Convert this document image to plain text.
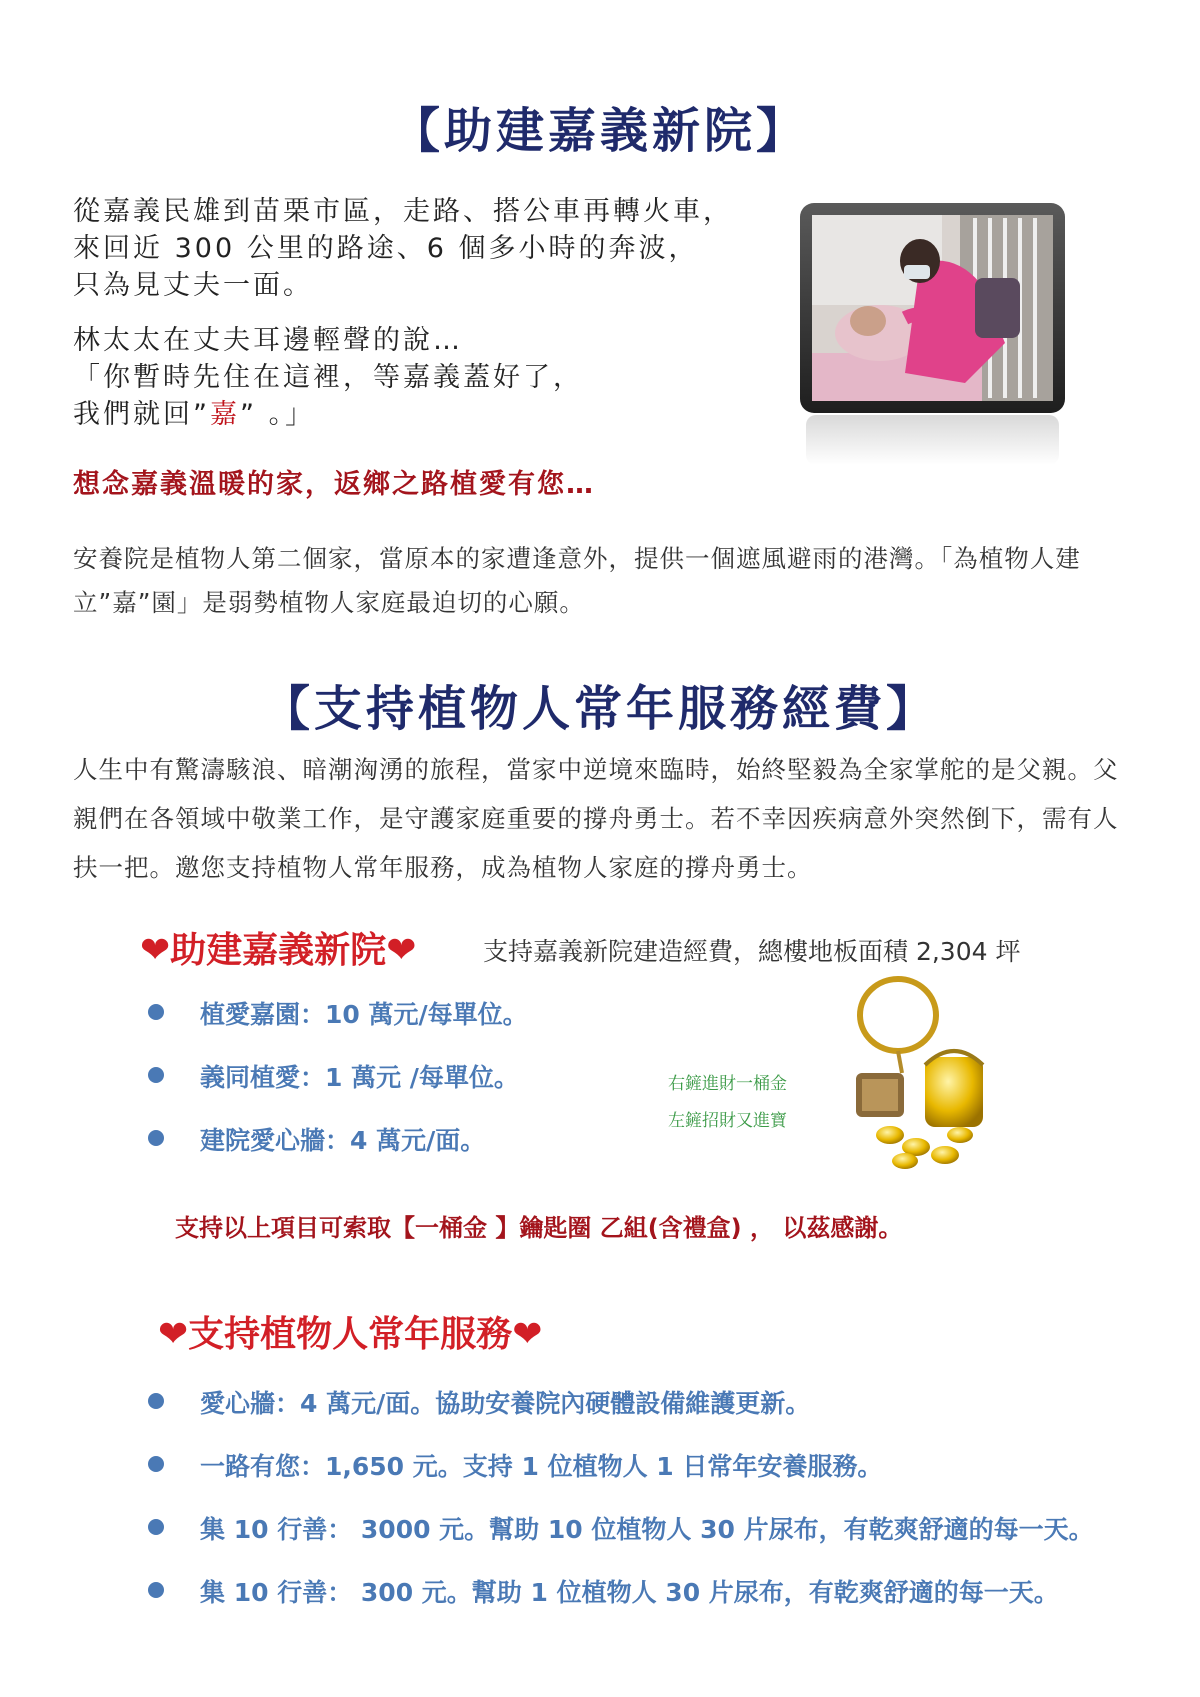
【助建嘉義新院】

從嘉義民雄到苗栗市區，走路、搭公車再轉火車，

來回近 300 公里的路途、6 個多小時的奔波，

只為見丈夫一面。

林太太在丈夫耳邊輕聲的說…

「你暫時先住在這裡，等嘉義蓋好了，

我們就回”嘉” 。」

想念嘉義溫暖的家，返鄉之路植愛有您…
安養院是植物人第二個家，當原本的家遭逢意外，提供一個遮風避雨的港灣。「為植物人建立”嘉”園」是弱勢植物人家庭最迫切的心願。
【支持植物人常年服務經費】
人生中有驚濤駭浪、暗潮洶湧的旅程，當家中逆境來臨時，始終堅毅為全家掌舵的是父親。父親們在各領域中敬業工作，是守護家庭重要的撐舟勇士。若不幸因疾病意外突然倒下，需有人扶一把。邀您支持植物人常年服務，成為植物人家庭的撐舟勇士。
❤助建嘉義新院❤	支持嘉義新院建造經費，總樓地板面積 2,304 坪
植愛嘉園：10 萬元/每單位。
義同植愛：1 萬元 /每單位。
建院愛心牆：4 萬元/面。
右鏟進財一桶金
左鏟招財又進寶
支持以上項目可索取【一桶金 】鑰匙圈 乙組(含禮盒) ， 以茲感謝。
❤支持植物人常年服務❤
愛心牆：4 萬元/面。協助安養院內硬體設備維護更新。
一路有您：1,650 元。支持 1 位植物人 1 日常年安養服務。
集 10 行善： 3000 元。幫助 10 位植物人 30 片尿布，有乾爽舒適的每一天。
集 10 行善： 300 元。幫助 1 位植物人 30 片尿布，有乾爽舒適的每一天。
